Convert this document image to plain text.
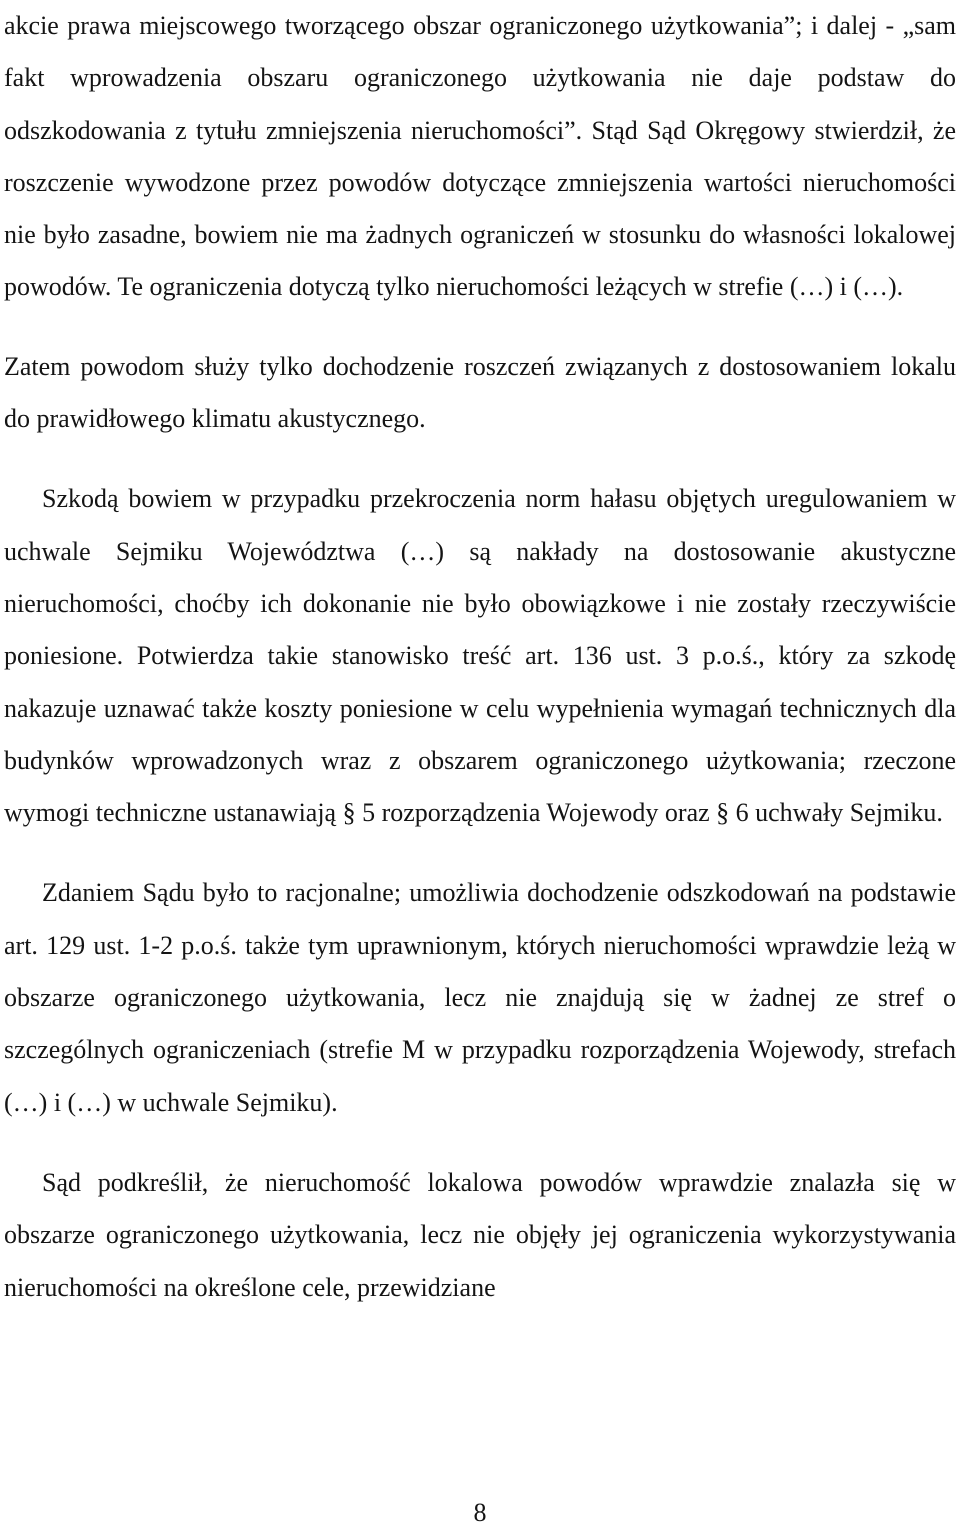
akcie prawa miejscowego tworzącego obszar ograniczonego użytkowania”; i dalej - „sam fakt wprowadzenia obszaru ograniczonego użytkowania nie daje podstaw do odszkodowania z tytułu zmniejszenia nieruchomości”. Stąd Sąd Okręgowy stwierdził, że roszczenie wywodzone przez powodów dotyczące zmniejszenia wartości nieruchomości nie było zasadne, bowiem nie ma żadnych ograniczeń w stosunku do własności lokalowej powodów. Te ograniczenia dotyczą tylko nieruchomości leżących w strefie (…) i (…).

Zatem powodom służy tylko dochodzenie roszczeń związanych z dostosowaniem lokalu do prawidłowego klimatu akustycznego.

Szkodą bowiem w przypadku przekroczenia norm hałasu objętych uregulowaniem w uchwale Sejmiku Województwa (…) są nakłady na dostosowanie akustyczne nieruchomości, choćby ich dokonanie nie było obowiązkowe i nie zostały rzeczywiście poniesione. Potwierdza takie stanowisko treść art. 136 ust. 3 p.o.ś., który za szkodę nakazuje uznawać także koszty poniesione w celu wypełnienia wymagań technicznych dla budynków wprowadzonych wraz z obszarem ograniczonego użytkowania; rzeczone wymogi techniczne ustanawiają § 5 rozporządzenia Wojewody oraz § 6 uchwały Sejmiku.

Zdaniem Sądu było to racjonalne; umożliwia dochodzenie odszkodowań na podstawie art. 129 ust. 1-2 p.o.ś. także tym uprawnionym, których nieruchomości wprawdzie leżą w obszarze ograniczonego użytkowania, lecz nie znajdują się w żadnej ze stref o szczególnych ograniczeniach (strefie M w przypadku rozporządzenia Wojewody, strefach (…) i (…) w uchwale Sejmiku).

Sąd podkreślił, że nieruchomość lokalowa powodów wprawdzie znalazła się w obszarze ograniczonego użytkowania, lecz nie objęły jej ograniczenia wykorzystywania nieruchomości na określone cele, przewidziane

8
